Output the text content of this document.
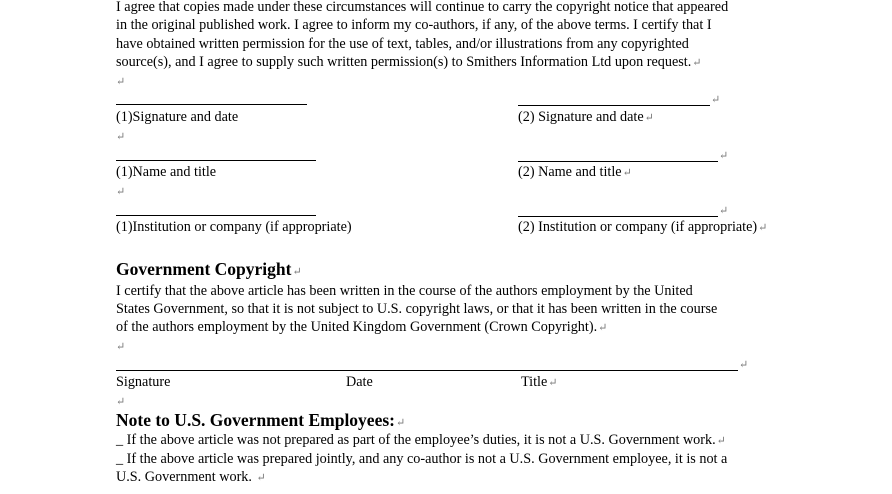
I agree that copies made under these circumstances will continue to carry the copyright notice that appeared
in the original published work. I agree to inform my co-authors, if any, of the above terms. I certify that I
have obtained written permission for the use of text, tables, and/or illustrations from any copyrighted
source(s), and I agree to supply such written permission(s) to Smithers Information Ltd upon request.↵
↵
↵
(1)Signature and date	(2) Signature and date↵
↵
↵
(1)Name and title	(2) Name and title↵
↵
↵
(1)Institution or company (if appropriate)	(2) Institution or company (if appropriate)↵
Government Copyright↵
I certify that the above article has been written in the course of the authors employment by the United
States Government, so that it is not subject to U.S. copyright laws, or that it has been written in the course
of the authors employment by the United Kingdom Government (Crown Copyright).↵
↵
↵
Signature	Date	Title↵
↵
Note to U.S. Government Employees:↵
_ If the above article was not prepared as part of the employee’s duties, it is not a U.S. Government work.↵
_ If the above article was prepared jointly, and any co-author is not a U.S. Government employee, it is not a
U.S. Government work. ↵
